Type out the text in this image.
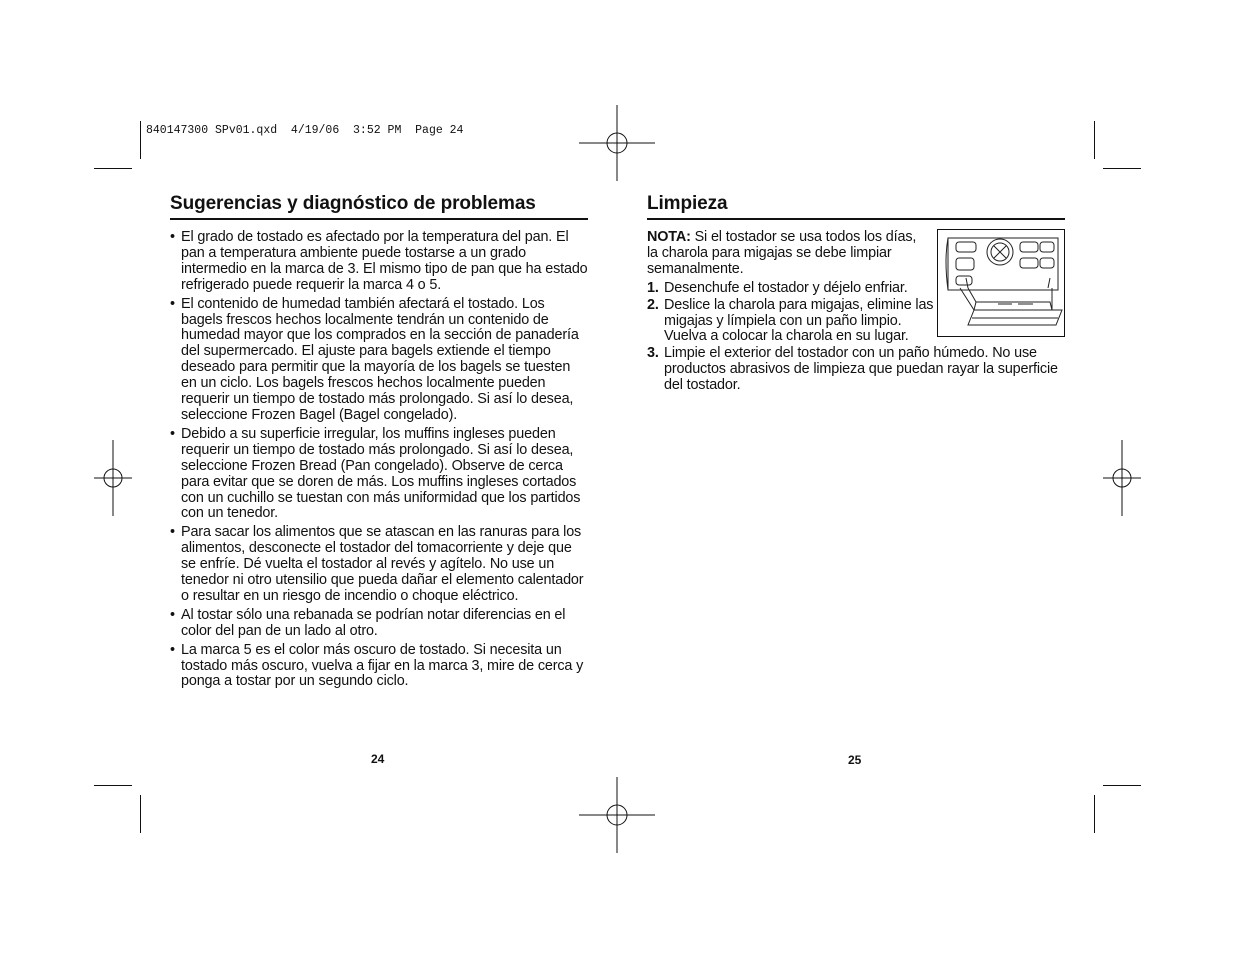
840147300 SPv01.qxd  4/19/06  3:52 PM  Page 24
Sugerencias y diagnóstico de problemas
• El grado de tostado es afectado por la temperatura del pan. El pan a temperatura ambiente puede tostarse a un grado intermedio en la marca de 3. El mismo tipo de pan que ha estado refrigerado puede requerir la marca 4 o 5.
• El contenido de humedad también afectará el tostado. Los bagels frescos hechos localmente tendrán un contenido de humedad mayor que los comprados en la sección de panadería del supermercado. El ajuste para bagels extiende el tiempo deseado para permitir que la mayoría de los bagels se tuesten en un ciclo. Los bagels frescos hechos localmente pueden requerir un tiempo de tostado más prolongado. Si así lo desea, seleccione Frozen Bagel (Bagel congelado).
• Debido a su superficie irregular, los muffins ingleses pueden requerir un tiempo de tostado más prolongado. Si así lo desea, seleccione Frozen Bread (Pan congelado). Observe de cerca para evitar que se doren de más. Los muffins ingleses cortados con un cuchillo se tuestan con más uniformidad que los partidos con un tenedor.
• Para sacar los alimentos que se atascan en las ranuras para los alimentos, desconecte el tostador del tomacorriente y deje que se enfríe. Dé vuelta el tostador al revés y agítelo. No use un tenedor ni otro utensilio que pueda dañar el elemento calentador o resultar en un riesgo de incendio o choque eléctrico.
• Al tostar sólo una rebanada se podrían notar diferencias en el color del pan de un lado al otro.
• La marca 5 es el color más oscuro de tostado. Si necesita un tostado más oscuro, vuelva a fijar en la marca 3, mire de cerca y ponga a tostar por un segundo ciclo.
Limpieza
NOTA: Si el tostador se usa todos los días, la charola para migajas se debe limpiar semanalmente.
1. Desenchufe el tostador y déjelo enfriar.
2. Deslice la charola para migajas, elimine las migajas y límpiela con un paño limpio. Vuelva a colocar la charola en su lugar.
3. Limpie el exterior del tostador con un paño húmedo. No use productos abrasivos de limpieza que puedan rayar la superficie del tostador.
24	25
